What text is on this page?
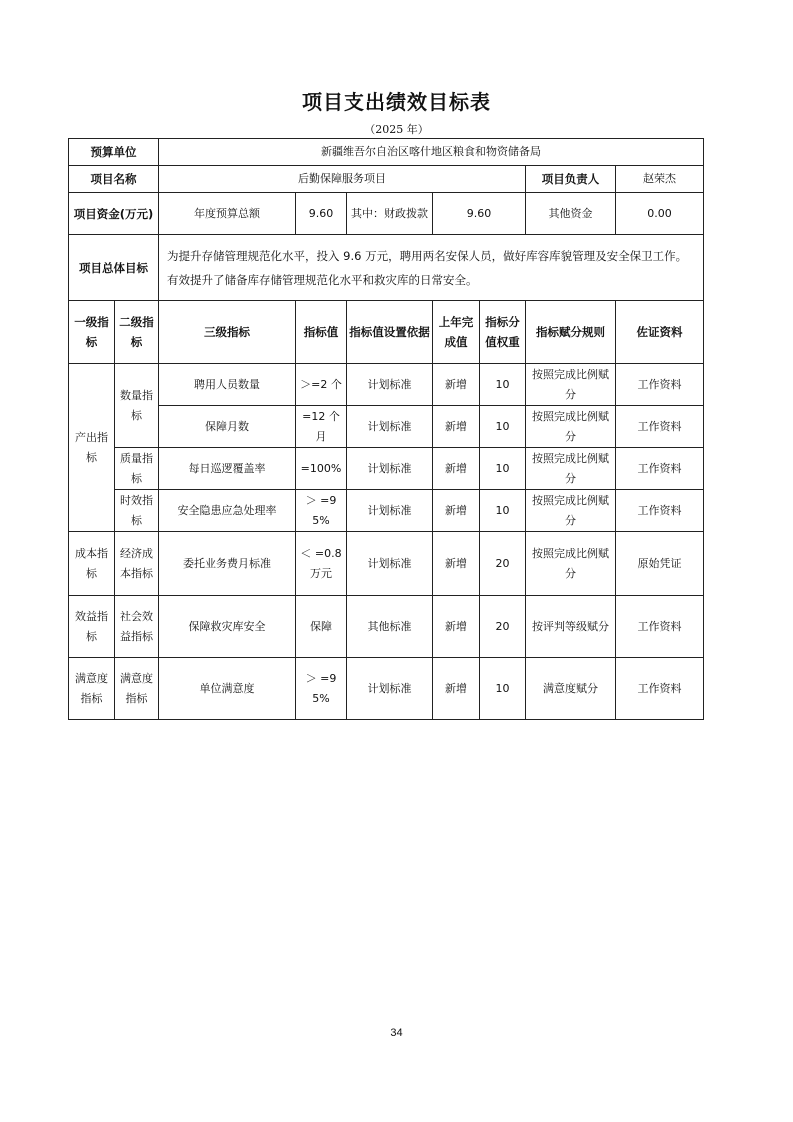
项目支出绩效目标表
（2025 年）
预算单位		新疆维吾尔自治区喀什地区粮食和物资储备局						
项目名称		后勤保障服务项目					项目负责人	赵荣杰
项目资金(万元)		年度预算总额	9.60	其中：财政拨款	9.60		其他资金	0.00
项目总体目标		为提升存储管理规范化水平，投入 9.6 万元，聘用两名安保人员，做好库容库貌管理及安全保卫工作。有效提升了储备库存储管理规范化水平和救灾库的日常安全。						
一级指标	二级指标	三级指标	指标值	指标值设置依据	上年完成值	指标分值权重	指标赋分规则	佐证资料
产出指标	数量指标	聘用人员数量	＞=2 个	计划标准	新增	10	按照完成比例赋分	工作资料
		保障月数	=12 个月	计划标准	新增	10	按照完成比例赋分	工作资料
	质量指标	每日巡逻覆盖率	=100%	计划标准	新增	10	按照完成比例赋分	工作资料
	时效指标	安全隐患应急处理率	＞ =95%	计划标准	新增	10	按照完成比例赋分	工作资料
成本指标	经济成本指标	委托业务费月标准	＜ =0.8 万元	计划标准	新增	20	按照完成比例赋分	原始凭证
效益指标	社会效益指标	保障救灾库安全	保障	其他标准	新增	20	按评判等级赋分	工作资料
满意度指标	满意度指标	单位满意度	＞ =95%	计划标准	新增	10	满意度赋分	工作资料
34
